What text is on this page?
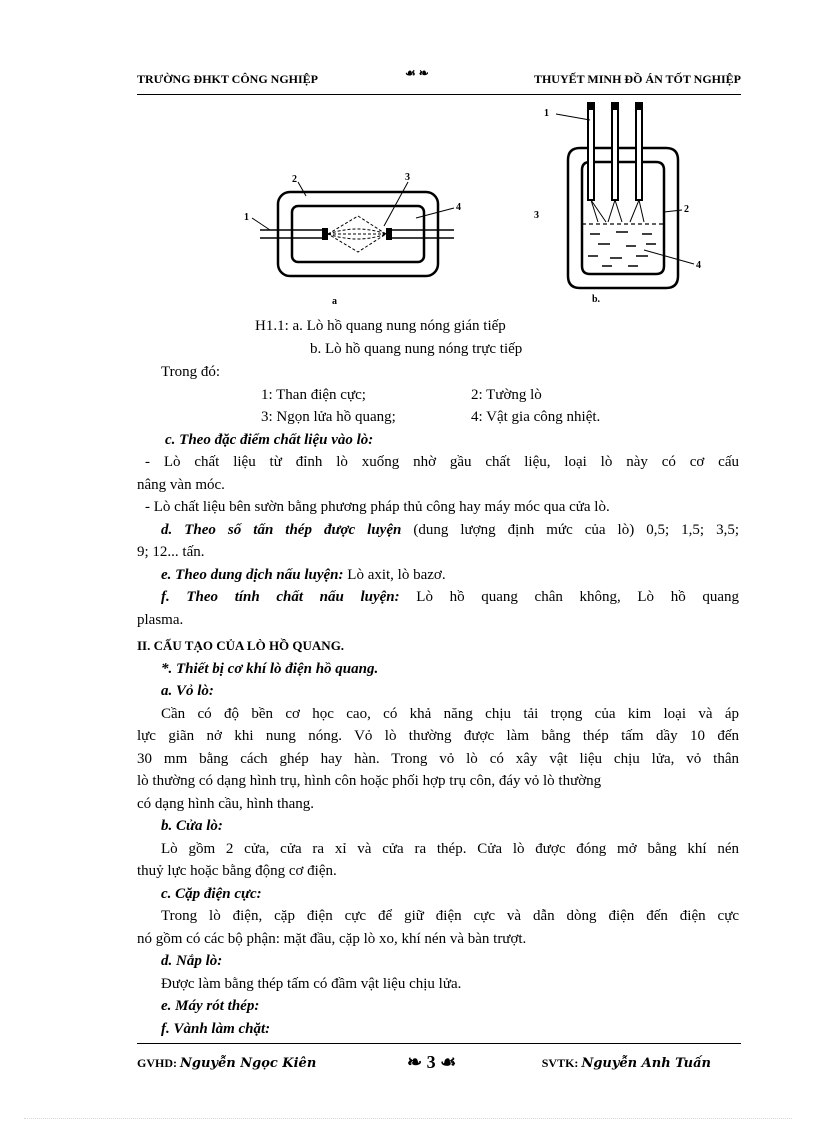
TRƯỜNG ĐHKT CÔNG NGHIỆP	☙ ❧	THUYẾT MINH ĐỒ ÁN TỐT NGHIỆP
1
2	3
4
a
1
2
3
4
b.
H1.1: a. Lò hồ quang nung nóng gián tiếp
b. Lò hồ quang nung nóng trực tiếp
Trong đó:
1: Than điện cực;	2: Tường lò
3: Ngọn lửa hồ quang;	4: Vật gia công nhiệt.
c. Theo đặc điểm chất liệu vào lò:
- Lò chất liệu từ đỉnh lò xuống nhờ gầu chất liệu, loại lò này có cơ cấu
nâng vàn móc.
- Lò chất liệu bên sườn bằng phương pháp thủ công hay máy móc qua cửa lò.
d. Theo số tấn thép được luyện (dung lượng định mức của lò) 0,5; 1,5; 3,5;
9; 12... tấn.
e. Theo dung dịch nấu luyện: Lò axit, lò bazơ.
f. Theo tính chất nấu luyện: Lò hồ quang chân không, Lò hồ quang
plasma.
II. CẤU TẠO CỦA LÒ HỒ QUANG.
*. Thiết bị cơ khí lò điện hồ quang.
a. Vỏ lò:
Cần có độ bền cơ học cao, có khả năng chịu tải trọng của kim loại và áp
lực giãn nở khi nung nóng. Vỏ lò thường được làm bằng thép tấm dầy 10 đến
30 mm bằng cách ghép hay hàn. Trong vỏ lò có xây vật liệu chịu lửa, vỏ thân
lò thường có dạng hình trụ, hình côn hoặc phối hợp trụ côn, đáy vỏ lò thường
có dạng hình cầu, hình thang.
b. Cửa lò:
Lò gồm 2 cửa, cửa ra xỉ và cửa ra thép. Cửa lò được đóng mở bằng khí nén
thuỷ lực hoặc bằng động cơ điện.
c. Cặp điện cực:
Trong lò điện, cặp điện cực để giữ điện cực và dẫn dòng điện đến điện cực
nó gồm có các bộ phận: mặt đầu, cặp lò xo, khí nén và bàn trượt.
d. Nắp lò:
Được làm bằng thép tấm có đầm vật liệu chịu lửa.
e. Máy rót thép:
f. Vành làm chặt:
GVHD: Nguyễn Ngọc Kiên	❧ 3 ☙	SVTK: Nguyễn Anh Tuấn
